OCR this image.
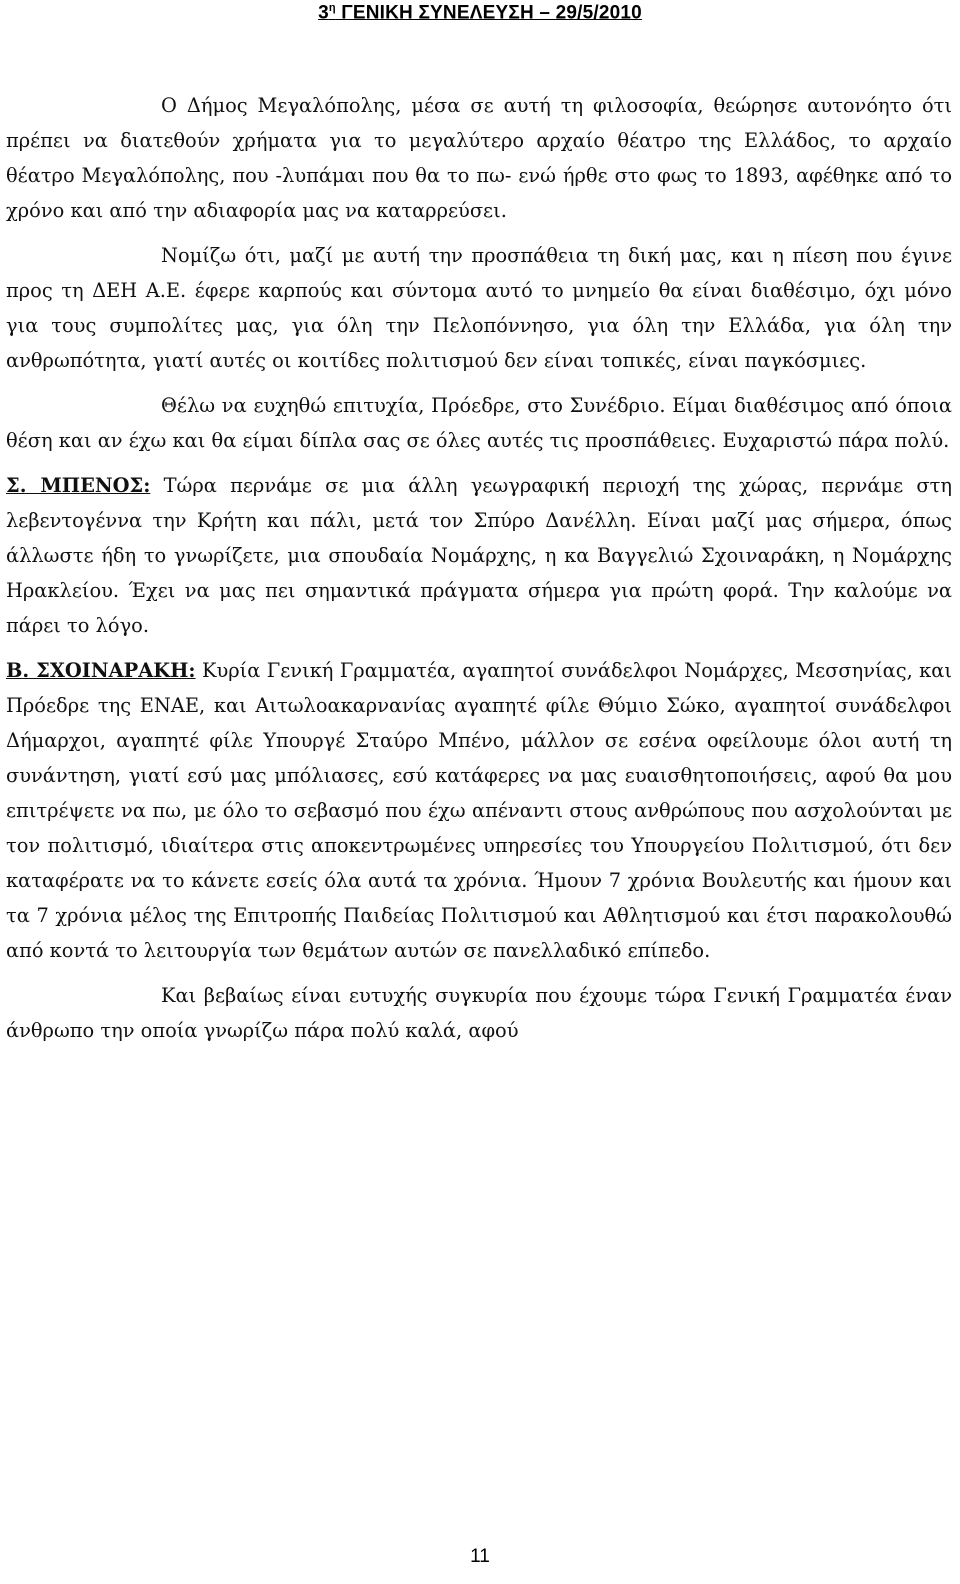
$3^\eta$ ΓΕΝΙΚΗ ΣΥΝΕΛΕΥΣΗ – 29/5/2010

Ο Δήμος Μεγαλόπολης, μέσα σε αυτή τη φιλοσοφία, θεώρησε αυτονόητο ότι πρέπει να διατεθούν χρήματα για το μεγαλύτερο αρχαίο θέατρο της Ελλάδος, το αρχαίο θέατρο Μεγαλόπολης, που -λυπάμαι που θα το πω- ενώ ήρθε στο φως το 1893, αφέθηκε από το χρόνο και από την αδιαφορία μας να καταρρεύσει.

Νομίζω ότι, μαζί με αυτή την προσπάθεια τη δική μας, και η πίεση που έγινε προς τη ΔΕΗ Α.Ε. έφερε καρπούς και σύντομα αυτό το μνημείο θα είναι διαθέσιμο, όχι μόνο για τους συμπολίτες μας, για όλη την Πελοπόννησο, για όλη την Ελλάδα, για όλη την ανθρωπότητα, γιατί αυτές οι κοιτίδες πολιτισμού δεν είναι τοπικές, είναι παγκόσμιες.

Θέλω να ευχηθώ επιτυχία, Πρόεδρε, στο Συνέδριο. Είμαι διαθέσιμος από όποια θέση και αν έχω και θα είμαι δίπλα σας σε όλες αυτές τις προσπάθειες. Ευχαριστώ πάρα πολύ.

Σ. ΜΠΕΝΟΣ: Τώρα περνάμε σε μια άλλη γεωγραφική περιοχή της χώρας, περνάμε στη λεβεντογέννα την Κρήτη και πάλι, μετά τον Σπύρο Δανέλλη. Είναι μαζί μας σήμερα, όπως άλλωστε ήδη το γνωρίζετε, μια σπουδαία Νομάρχης, η κα Βαγγελιώ Σχοιναράκη, η Νομάρχης Ηρακλείου. Έχει να μας πει σημαντικά πράγματα σήμερα για πρώτη φορά. Την καλούμε να πάρει το λόγο.

Β. ΣΧΟΙΝΑΡΑΚΗ: Κυρία Γενική Γραμματέα, αγαπητοί συνάδελφοι Νομάρχες, Μεσσηνίας, και Πρόεδρε της ΕΝΑΕ, και Αιτωλοακαρνανίας αγαπητέ φίλε Θύμιο Σώκο, αγαπητοί συνάδελφοι Δήμαρχοι, αγαπητέ φίλε Υπουργέ Σταύρο Μπένο, μάλλον σε εσένα οφείλουμε όλοι αυτή τη συνάντηση, γιατί εσύ μας μπόλιασες, εσύ κατάφερες να μας ευαισθητοποιήσεις, αφού θα μου επιτρέψετε να πω, με όλο το σεβασμό που έχω απέναντι στους ανθρώπους που ασχολούνται με τον πολιτισμό, ιδιαίτερα στις αποκεντρωμένες υπηρεσίες του Υπουργείου Πολιτισμού, ότι δεν καταφέρατε να το κάνετε εσείς όλα αυτά τα χρόνια. Ήμουν 7 χρόνια Βουλευτής και ήμουν και τα 7 χρόνια μέλος της Επιτροπής Παιδείας Πολιτισμού και Αθλητισμού και έτσι παρακολουθώ από κοντά το λειτουργία των θεμάτων αυτών σε πανελλαδικό επίπεδο.

Και βεβαίως είναι ευτυχής συγκυρία που έχουμε τώρα Γενική Γραμματέα έναν άνθρωπο την οποία γνωρίζω πάρα πολύ καλά, αφού

11
